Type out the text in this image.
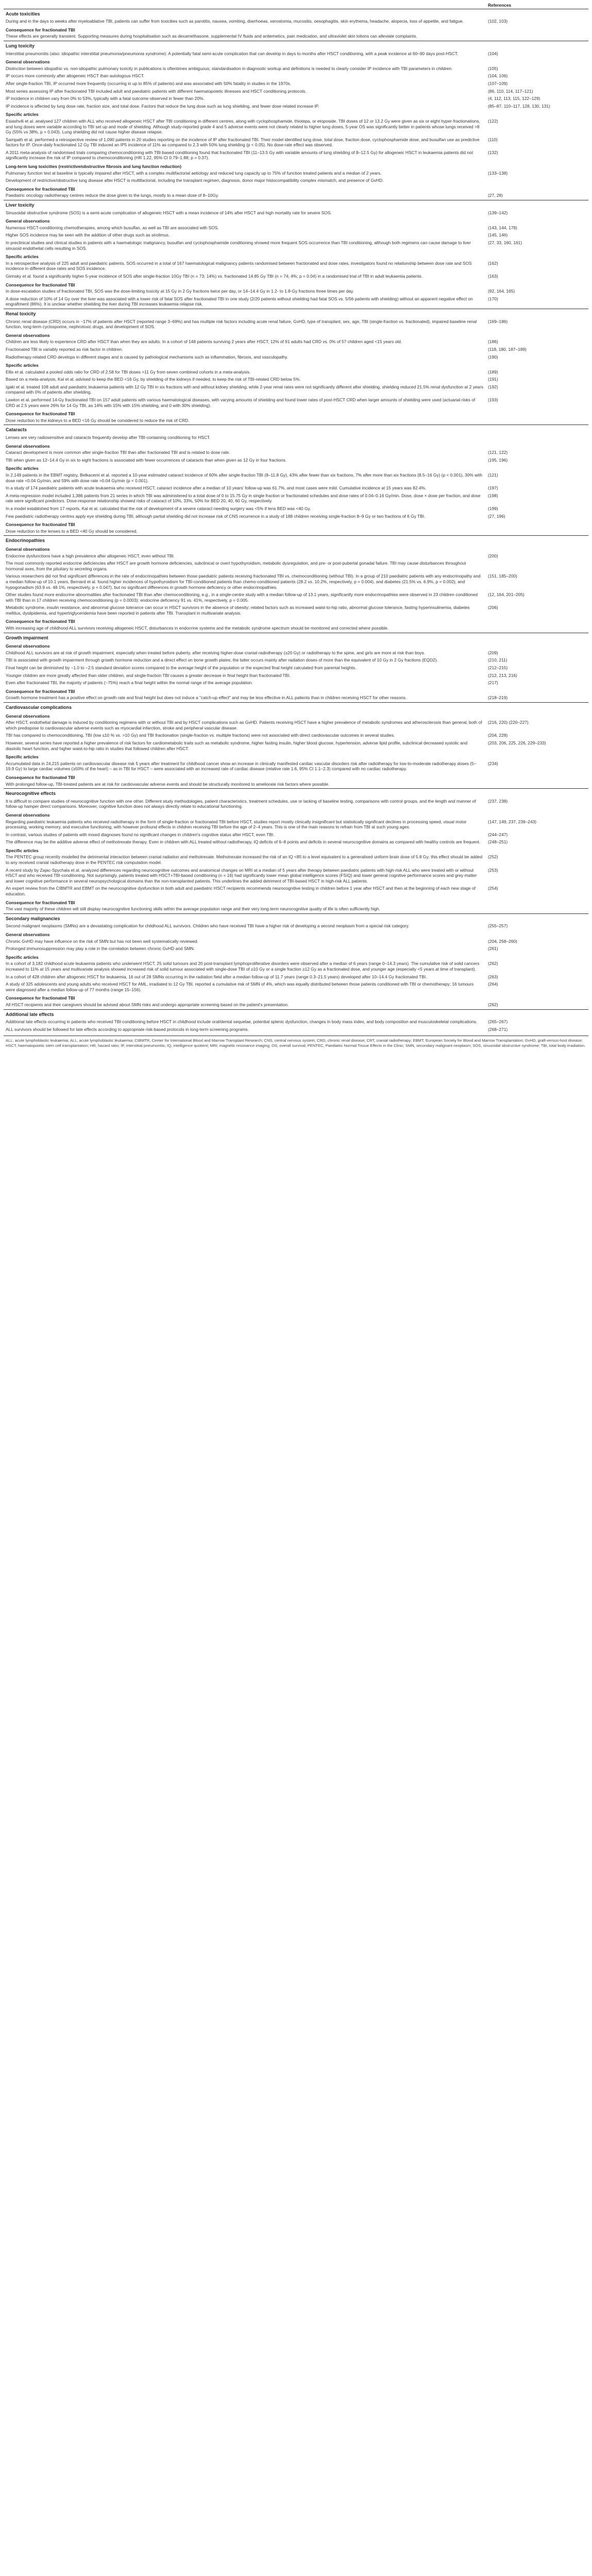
	References
Acute toxicities	
During and in the days to weeks after myeloablative TBI, patients can suffer from toxicities such as parotitis, nausea, vomiting, diarrhoeas, xerostomia, mucositis, oesophagitis, skin erythema, headache, alopecia, loss of appetite, and fatigue.	(102, 103)
Consequence for fractionated TBI	
These effects are generally transient. Supporting measures during hospitalisation such as dexamethasone, supplemental IV fluids and antiemetics, pain medication, and ultraviolet skin lotions can alleviate complaints.	
Lung toxicity	
Interstitial pneumonitis (also: idiopathic interstitial pneumonia/pneumonia syndrome): A potentially fatal semi-acute complication that can develop in days to months after HSCT conditioning, with a peak incidence at 60–90 days post-HSCT.	(104)
General observations	
Distinction between idiopathic vs. non-idiopathic pulmonary toxicity in publications is oftentimes ambiguous; standardisation in diagnostic workup and definitions is needed to clearly consider IP incidence with TBI parameters in children.	(105)
IP occurs more commonly after allogeneic HSCT than autologous HSCT.	(104, 106)
After single-fraction TBI, IP occurred more frequently (occurring in up to 85% of patients) and was associated with 50% fatality in studies in the 1970s.	(107–109)
Most series assessing IP after fractionated TBI included adult and paediatric patients with different haematopoietic illnesses and HSCT conditioning protocols.	(86, 110, 114, 117–121)
IP incidence in children vary from 0% to 53%, typically with a fatal outcome observed in fewer than 20%.	(4, 112, 113, 115, 122–129)
IP incidence is affected by lung dose rate, fraction size, and total dose. Factors that reduce the lung dose such as lung shielding, and fewer dose related increase IP.	(85–87, 110–117, 128, 130, 131)
Specific articles	
Esiashvili et al. analysed 127 children with ALL who received allogeneic HSCT after TBI conditioning in different centres, along with cyclophosphamide, thiotepa, or etoposide. TBI doses of 12 or 13.2 Gy were given as six or eight hyper-fractionations, and lung doses were variable according to TBI set up and mode of shielding. Although study-reported grade 4 and 5 adverse events were not clearly related to higher lung doses, 5-year OS was significantly better in patients whose lungs received >8 Gy (55% vs 38%, p = 0.043). Lung shielding did not cause higher disease relapse.	(122)
Sampath et al. performed a retrospective review of 1,090 patients in 20 studies reporting on the incidence of IP after fractionated TBI. Their model identified lung dose, total dose, fraction dose, cyclophosphamide dose, and busulfan use as predictive factors for IP. Once-daily fractionated 12 Gy TBI induced an IP5 incidence of 11% as compared to 2.3 with 50% lung shielding (p < 0.05). No dose-rate effect was observed.	(110)
A 2011 meta-analysis of randomised trials comparing chemoconditioning with TBI-based conditioning found that fractionated TBI (11–13.5 Gy with variable amounts of lung shielding of 8–12.5 Gy) for allogeneic HSCT in leukaemia patients did not significantly increase the risk of IP compared to chemoconditioning (HR 1.22, 95% CI 0.79–1.88; p = 0.37).	(132)
Long-term lung toxicities (restrictive/obstructive fibrosis and lung function reduction)	
Pulmonary function test at baseline is typically impaired after HSCT, with a complex multifactorial aetiology and reduced lung capacity up to 75% of function treated patients and a median of 2 years.	(133–138)
Development of restrictive/obstructive lung disease after HSCT is multifactorial, including the transplant regimen, diagnosis, donor major histocompatibility complex mismatch, and presence of GvHD.	
Consequence for fractionated TBI	
Paediatric oncology radiotherapy centres reduce the dose given to the lungs, mostly to a mean dose of 8–10Gy.	(27, 28)
Liver toxicity	
Sinusoidal obstructive syndrome (SOS) is a semi-acute complication of allogeneic HSCT with a mean incidence of 14% after HSCT and high mortality rate for severe SOS.	(139–142)
General observations	
Numerous HSCT-conditioning chemotherapies, among which busulfan, as well as TBI are associated with SOS.	(143, 144, 178)
Higher SOS incidence may be seen with the addition of other drugs such as sirolimus.	(145, 146)
In preclinical studies and clinical studies in patients with a haematologic malignancy, busulfan and cyclophosphamide conditioning showed more frequent SOS occurrence than TBI conditioning, although both regimens can cause damage to liver sinusoid endothelial cells resulting in SOS.	(27, 33, 160, 161)
Specific articles	
In a retrospective analysis of 225 adult and paediatric patients, SOS occurred in a total of 167 haematological malignancy patients randomised between fractionated and dose rates, investigators found no relationship between dose rate and SOS incidence in different dose rates and SOS incidence.	(162)
Girinsky et al. found a significantly higher 5-year incidence of SOS after single-fraction 10Gy TBI (n = 73; 14%) vs. fractionated 14.85 Gy TBI (n = 74; 4%; p = 0.04) in a randomised trial of TBI in adult leukaemia patients.	(163)
Consequence for fractionated TBI	
In dose-escalation studies of fractionated TBI, SOS was the dose-limiting toxicity at 15 Gy in 2 Gy fractions twice per day, or 14–14.4 Gy in 1.2- to 1.8-Gy fractions three times per day.	(92, 164, 165)
A dose reduction of 10% of 14 Gy over the liver was associated with a lower risk of fatal SOS after fractionated TBI in one study (2/20 patients without shielding had fatal SOS vs. 5/56 patients with shielding) without an apparent negative effect on engraftment (86%). It is unclear whether shielding the liver during TBI increases leukaemia relapse risk.	(170)
Renal toxicity	
Chronic renal disease (CRD) occurs in ~17% of patients after HSCT (reported range 3–69%) and has multiple risk factors including acute renal failure, GvHD, type of transplant, sex, age, TBI (single-fraction vs. fractionated), impaired baseline renal function, long-term cyclosporine, nephrotoxic drugs, and development of SOS.	(169–186)
General observations	
Children are less likely to experience CRD after HSCT than when they are adults. In a cohort of 148 patients surviving 2 years after HSCT, 12% of 91 adults had CRD vs. 0% of 57 children aged <15 years old.	(186)
Fractionated TBI is variably reported as risk factor in children.	(118, 180, 187–189)
Radiotherapy-related CRD develops in different stages and is caused by pathological mechanisms such as inflammation, fibrosis, and vasculopathy.	(190)
Specific articles	
Ellis et al. calculated a pooled odds ratio for CRD of 2.58 for TBI doses >11 Gy from seven combined cohorts in a meta-analysis.	(189)
Based on a meta-analysis, Kal et al. advised to keep the BED <16 Gy, by shielding of the kidneys if needed, to keep the risk of TBI-related CRD below 5%.	(191)
Igaki et al. treated 108 adult and paediatric leukaemia patients with 12 Gy TBI in six fractions with and without kidney shielding; while 2-year renal rates were not significantly different after shielding, shielding reduced 21.5% renal dysfunction at 2 years compared with 0% of patients after shielding.	(192)
Lawton et al. performed 14-Gy fractionated TBI on 157 adult patients with various haematological diseases, with varying amounts of shielding and found lower rates of post-HSCT CRD when larger amounts of shielding were used (actuarial risks of CRD at 2.5 years were 26% for 14 Gy TBI, as 14% with 15% with 15% shielding, and 0 with 30% shielding).	(193)
Consequence for fractionated TBI	
Dose reduction to the kidneys to a BED <16 Gy should be considered to reduce the risk of CRD.	
Cataracts	
Lenses are very radiosensitive and cataracts frequently develop after TBI-containing conditioning for HSCT.	
General observations	
Cataract development is more common after single-fraction TBI than after fractionated TBI and is related to dose rate.	(121, 122)
TBI when given as 12–14.4 Gy in six to eight fractions is associated with fewer occurrences of cataracts than when given as 12 Gy in four fractions.	(195, 196)
Specific articles	
In 2,149 patients in the EBMT registry, Belkacemi et al. reported a 10-year estimated cataract incidence of 60% after single-fraction TBI (8–11.8 Gy), 43% after fewer than six fractions, 7% after more than six fractions (8.5–16 Gy) (p < 0.001), 30% with dose rate <0.04 Gy/min, and 59% with dose rate >0.04 Gy/min (p < 0.001).	(121)
In a study of 174 paediatric patients with acute leukaemia who received HSCT, cataract incidence after a median of 10 years' follow-up was 61.7%, and most cases were mild. Cumulative incidence at 15 years was 82.4%.	(197)
A meta-regression model included 1,386 patients from 21 series in which TBI was administered to a total dose of 0 to 15.75 Gy in single fraction or fractionated schedules and dose rates of 0.04–0.16 Gy/min. Dose, dose × dose per fraction, and dose rate were significant predictors. Dose-response relationship showed risks of cataract of 10%, 33%, 50% for BED 20, 40, 60 Gy, respectively.	(198)
In a model established from 17 reports, Kal et al. calculated that the risk of development of a severe cataract needing surgery was <5% if lens BED was <40 Gy.	(199)
Few paediatric radiotherapy centres apply eye shielding during TBI, although partial shielding did not increase risk of CNS recurrence in a study of 188 children receiving single-fraction 8–9 Gy or two fractions of 6 Gy TBI.	(27, 196)
Consequence for fractionated TBI	
Dose reduction to the lenses to a BED <40 Gy should be considered.	
Endocrinopathies	
General observations	
Endocrine dysfunctions have a high prevalence after allogeneic HSCT, even without TBI.	(200)
The most commonly reported endocrine deficiencies after HSCT are growth hormone deficiencies, subclinical or overt hypothyroidism, metabolic dysregulation, and pre- or post-pubertal gonadal failure. TBI may cause disturbances throughout hormonal axes, from the pituitary to secreting organs.	
Various researchers did not find significant differences in the rate of endocrinopathies between those paediatric patients receiving fractionated TBI vs. chemoconditioning (without TBI). In a group of 210 paediatric patients with any endocrinopathy and a median follow-up of 10.1 years, Bernard et al. found higher incidences of hypothyroidism for TBI-conditioned patients than chemo-conditioned patients (28.2 vs. 10.2%, respectively, p = 0.004), and diabetes (21.5% vs. 6.9%, p = 0.002), and hypogonadism (63.9 vs. 48.1%, respectively, p = 0.047), but no significant differences in growth hormone deficiency or other endocrinopathies.	(151, 185–200)
Other studies found more endocrine abnormalities after fractionated TBI than after chemoconditioning, e.g., in a single-centre study with a median follow-up of 13.1 years, significantly more endocrinopathies were observed in 23 children conditioned with TBI than in 17 children receiving chemoconditioning (p = 0.0003): endocrine deficiency 91 vs. 41%, respectively, p = 0.005.	(12, 164, 201–205)
Metabolic syndrome, insulin resistance, and abnormal glucose tolerance can occur in HSCT survivors in the absence of obesity; related factors such as increased waist-to-hip ratio, abnormal glucose tolerance, fasting hyperinsulinemia, diabetes mellitus, dyslipidemia, and hypertriglyceridemia have been reported in patients after TBI. Transplant in multivariate analysis.	(206)
Consequence for fractionated TBI	
With increasing age of childhood ALL survivors receiving allogeneic HSCT, disturbances in endocrine systems and the metabolic syndrome spectrum should be monitored and corrected where possible.	
Growth impairment	
General observations	
Childhood ALL survivors are at risk of growth impairment, especially when treated before puberty, after receiving higher-dose cranial radiotherapy (≥20 Gy) or radiotherapy to the spine, and girls are more at risk than boys.	(209)
TBI is associated with growth impairment through growth hormone reduction and a direct effect on bone growth plates; the latter occurs mainly after radiation doses of more than the equivalent of 10 Gy in 2 Gy fractions (EQD2).	(210, 211)
Final height can be diminished by −1.0 to −2.5 standard deviation scores compared to the average height of the population or the expected final height calculated from parental heights.	(212–215)
Younger children are more greatly affected than older children, and single-fraction TBI causes a greater decrease in final height than fractionated TBI.	(212, 213, 216)
Even after fractionated TBI, the majority of patients (~75%) reach a final height within the normal range of the average population.	(217)
Consequence for fractionated TBI	
Growth hormone treatment has a positive effect on growth rate and final height but does not induce a "catch-up effect" and may be less effective in ALL patients than in children receiving HSCT for other reasons.	(218–219)
Cardiovascular complications	
General observations	
After HSCT, endothelial damage is induced by conditioning regimens with or without TBI and by HSCT complications such as GvHD. Patients receiving HSCT have a higher prevalence of metabolic syndromes and atherosclerosis than general, both of which predispose to cardiovascular adverse events such as myocardial infarction, stroke and peripheral vascular disease.	(216, 220) (220–227)
TBI has compared to chemoconditioning, TBI (low ≤10 % vs. >10 Gy) and TBI fractionation (single-fraction vs. multiple fractions) were not associated with direct cardiovascular outcomes in several studies.	(204, 228)
However, several series have reported a higher prevalence of risk factors for cardiometabolic traits such as metabolic syndrome, higher fasting insulin, higher blood glucose, hypertension, adverse lipid profile, subclinical decreased systolic and diastolic heart function, and higher waist-to-hip ratio in studies that followed children after HSCT.	(203, 206, 225, 226, 229–233)
Specific articles	
Accumulated data in 24,215 patients on cardiovascular disease risk 5 years after treatment for childhood cancer show an increase in clinically manifested cardiac vascular disorders risk after radiotherapy for low-to-moderate radiotherapy doses (5–19.9 Gy) to large cardiac volumes (≥50% of the heart) – as in TBI for HSCT – were associated with an increased rate of cardiac disease (relative rate 1.6, 95% CI 1.1–2.3) compared with no cardiac radiotherapy.	(234)
Consequence for fractionated TBI	
With prolonged follow-up, TBI-treated patients are at risk for cardiovascular adverse events and should be structurally monitored to ameliorate risk factors where possible.	
Neurocognitive effects	
It is difficult to compare studies of neurocognitive function with one other. Different study methodologies, patient characteristics, treatment schedules, use or lacking of baseline testing, comparisons with control groups, and the length and manner of follow-up hamper direct comparisons. Moreover, cognitive function does not always directly relate to educational functioning.	(237, 238)
General observations	
Regarding paediatric leukaemia patients who received radiotherapy in the form of single-fraction or fractionated TBI before HSCT, studies report mostly clinically insignificant but statistically significant declines in processing speed, visual motor processing, working memory, and executive functioning, with however profound effects in children receiving TBI before the age of 2–4 years. This is one of the main reasons to refrain from TBI at such young ages.	(147, 149, 237, 239–243)
In contrast, various studies of patients with mixed diagnoses found no significant changes in children's cognitive status after HSCT, even TBI.	(244–247)
The difference may be the additive adverse effect of methotrexate therapy. Even in children with ALL treated without radiotherapy, IQ deficits of 6–8 points and deficits in several neurocognitive domains as compared with healthy controls are frequent.	(248–251)
Specific articles	
The PENTEC group recently modelled the detrimental interaction between cranial radiation and methotrexate. Methotrexate increased the risk of an IQ <85 to a level equivalent to a generalised uniform brain dose of 5.8 Gy; this effect should be added to any received cranial radiotherapy dose in the PENTEC risk computation model.	(252)
A recent study by Zajac-Spychala et al. analyzed differences regarding neurocognitive outcomes and anatomical changes on MRI at a median of 5 years after therapy between paediatric patients with high-risk ALL who were treated with or without HSCT and who received TBI-conditioning. Not surprisingly, patients treated with HSCT+TBI-based conditioning (n = 16) had significantly lower mean global intelligence scores (FSIQ) and lower general cognitive performance scores and grey matter and lower cognitive performance in several neuropsychological domains than the non-transplanted patients. This underlines the added detriment of TBI-based HSCT in high-risk ALL patients.	(253)
An expert review from the CIBMTR and EBMT on the neurocognitive dysfunction in both adult and paediatric HSCT recipients recommends neurocognitive testing in children before 1 year after HSCT and then at the beginning of each new stage of education.	(254)
Consequence for fractionated TBI	
The vast majority of these children will still display neurocognitive functioning skills within the average population range and their very long-term neurocognitive quality of life is often sufficiently high.	
Secondary malignancies	
Second malignant neoplasms (SMNs) are a devastating complication for childhood ALL survivors. Children who have received TBI have a higher risk of developing a second neoplasm from a special risk category.	(255–257)
General observations	
Chronic GvHD may have influence on the risk of SMN but has not been well systematically reviewed.	(204, 258–260)
Prolonged immunosuppression may play a role in the correlation between chronic GvHD and SMN.	(261)
Specific articles	
In a cohort of 3,182 childhood acute leukaemia patients who underwent HSCT, 25 solid tumours and 20 post-transplant lymphoproliferative disorders were observed after a median of 6 years (range 0–14.3 years). The cumulative risk of solid cancers increased to 11% at 15 years and multivariate analysis showed increased risk of solid tumour associated with single-dose TBI of ≥10 Gy or a single fraction ≥12 Gy as a fractionated dose, and younger age (especially <5 years at time of transplant).	(262)
In a cohort of 428 children after allogeneic HSCT for leukaemia, 16 out of 28 SMNs occurring in the radiation field after a median follow-up of 11.7 years (range 0.3–21.5 years) developed after 10–14.4 Gy fractionated TBI.	(263)
A study of 325 adolescents and young adults who received HSCT for AML, irradiated to 12 Gy TBI, reported a cumulative risk of SMN of 4%, which was equally distributed between those patients conditioned with TBI or chemotherapy; 16 tumours were diagnosed after a median follow-up of 77 months (range 15–156).	(264)
Consequence for fractionated TBI	
All HSCT recipients and their caregivers should be advised about SMN risks and undergo appropriate screening based on the patient's presentation.	(262)
Additional late effects	
Additional late effects occurring in patients who received TBI-conditioning before HSCT in childhood include oral/dental sequelae, potential splenic dysfunction, changes in body mass index, and body composition and musculoskeletal complications.	(265–267)
ALL survivors should be followed for late effects according to appropriate risk-based protocols in long-term screening programs.	(268–271)
ALL, acute lymphoblastic leukaemia; ALL, acute lymphoblastic leukaemia; CIBMTR, Center for International Blood and Marrow Transplant Research; CNS, central nervous system; CRD, chronic renal disease; CRT, cranial radiotherapy; EBMT, European Society for Blood and Marrow Transplantation; GvHD, graft-versus-host disease; HSCT, haematopoietic stem cell transplantation; HR, hazard ratio; IP, interstitial pneumonitis; IQ, intelligence quotient; MRI, magnetic resonance imaging; OS, overall survival; PENTEC, Paediatric Normal Tissue Effects in the Clinic; SMN, secondary malignant neoplasm; SOS, sinusoidal obstructive syndrome; TBI, total body irradiation.
